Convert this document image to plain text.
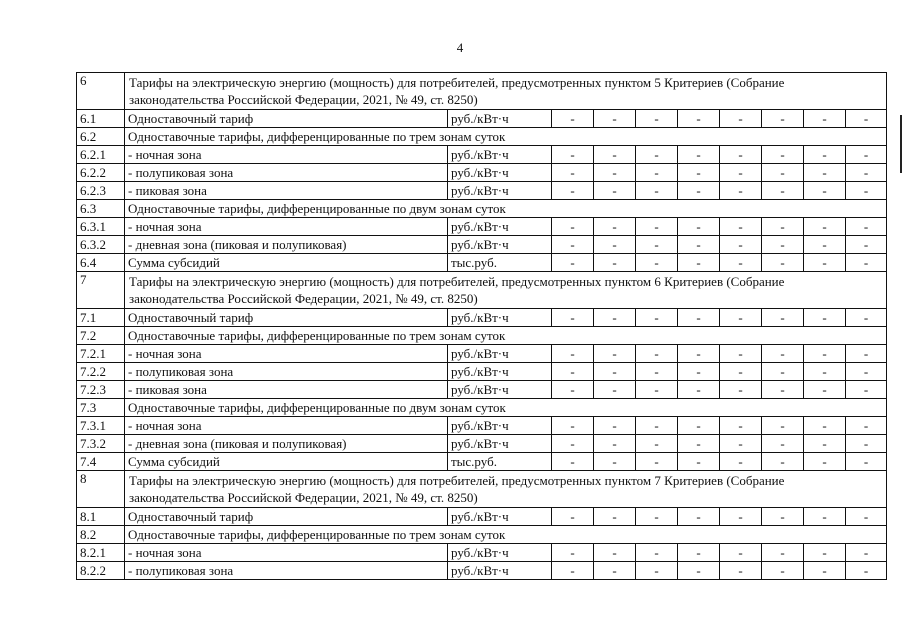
4
6	Тарифы на электрическую энергию (мощность) для потребителей, предусмотренных пунктом 5 Критериев (Собрание законодательства Российской Федерации, 2021, № 49, ст. 8250)									
6.1	Одноставочный тариф	руб./кВт·ч	-	-	-	-	-	-	-	-
6.2	Одноставочные тарифы, дифференцированные по трем зонам суток									
6.2.1	- ночная зона	руб./кВт·ч	-	-	-	-	-	-	-	-
6.2.2	- полупиковая зона	руб./кВт·ч	-	-	-	-	-	-	-	-
6.2.3	- пиковая зона	руб./кВт·ч	-	-	-	-	-	-	-	-
6.3	Одноставочные тарифы, дифференцированные по двум зонам суток									
6.3.1	- ночная зона	руб./кВт·ч	-	-	-	-	-	-	-	-
6.3.2	- дневная зона (пиковая и полупиковая)	руб./кВт·ч	-	-	-	-	-	-	-	-
6.4	Сумма субсидий	тыс.руб.	-	-	-	-	-	-	-	-
7	Тарифы на электрическую энергию (мощность) для потребителей, предусмотренных пунктом 6 Критериев (Собрание законодательства Российской Федерации, 2021, № 49, ст. 8250)									
7.1	Одноставочный тариф	руб./кВт·ч	-	-	-	-	-	-	-	-
7.2	Одноставочные тарифы, дифференцированные по трем зонам суток									
7.2.1	- ночная зона	руб./кВт·ч	-	-	-	-	-	-	-	-
7.2.2	- полупиковая зона	руб./кВт·ч	-	-	-	-	-	-	-	-
7.2.3	- пиковая зона	руб./кВт·ч	-	-	-	-	-	-	-	-
7.3	Одноставочные тарифы, дифференцированные по двум зонам суток									
7.3.1	- ночная зона	руб./кВт·ч	-	-	-	-	-	-	-	-
7.3.2	- дневная зона (пиковая и полупиковая)	руб./кВт·ч	-	-	-	-	-	-	-	-
7.4	Сумма субсидий	тыс.руб.	-	-	-	-	-	-	-	-
8	Тарифы на электрическую энергию (мощность) для потребителей, предусмотренных пунктом 7 Критериев (Собрание законодательства Российской Федерации, 2021, № 49, ст. 8250)									
8.1	Одноставочный тариф	руб./кВт·ч	-	-	-	-	-	-	-	-
8.2	Одноставочные тарифы, дифференцированные по трем зонам суток									
8.2.1	- ночная зона	руб./кВт·ч	-	-	-	-	-	-	-	-
8.2.2	- полупиковая зона	руб./кВт·ч	-	-	-	-	-	-	-	-
